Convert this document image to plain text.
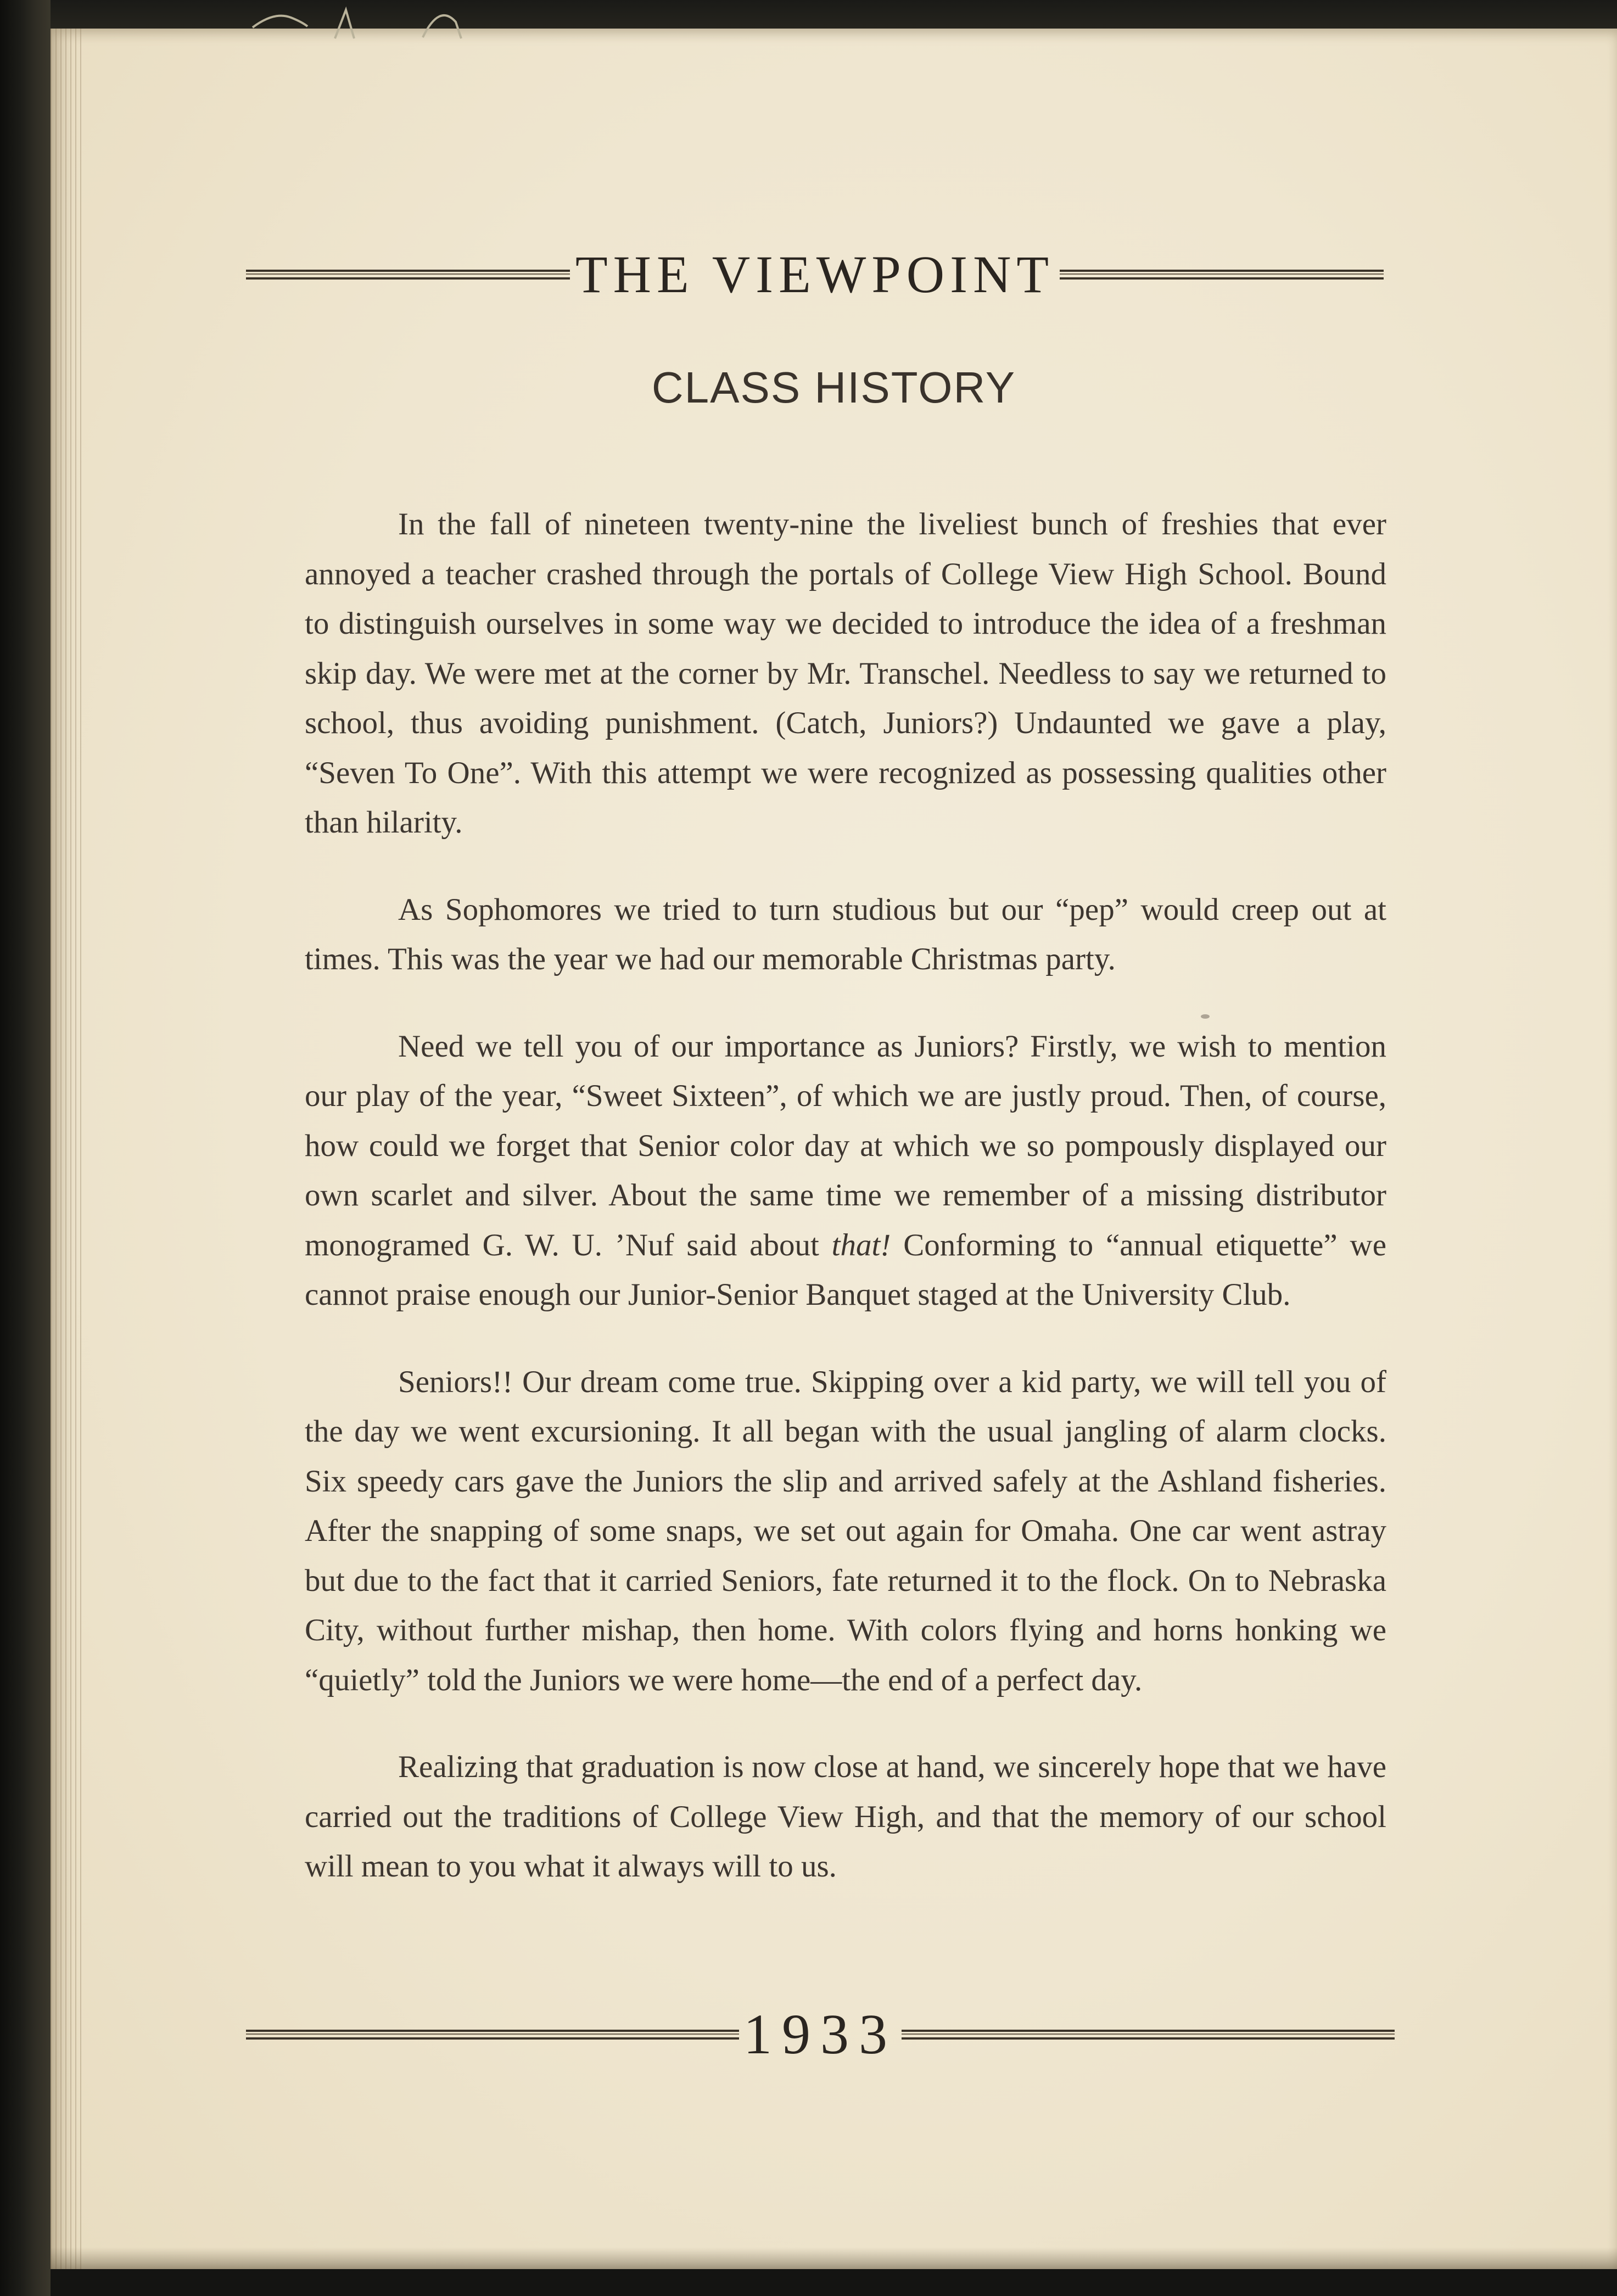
THE VIEWPOINT
CLASS HISTORY

In the fall of nineteen twenty-nine the liveliest bunch of freshies that ever annoyed a teacher crashed through the portals of College View High School. Bound to distinguish ourselves in some way we decided to introduce the idea of a freshman skip day. We were met at the corner by Mr. Transchel. Needless to say we returned to school, thus avoiding punishment. (Catch, Juniors?) Undaunted we gave a play, “Seven To One”. With this attempt we were recognized as possessing qualities other than hilarity.

As Sophomores we tried to turn studious but our “pep” would creep out at times. This was the year we had our memorable Christmas party.

Need we tell you of our importance as Juniors? Firstly, we wish to mention our play of the year, “Sweet Sixteen”, of which we are justly proud. Then, of course, how could we forget that Senior color day at which we so pompously displayed our own scarlet and silver. About the same time we remember of a missing distributor monogramed G. W. U. ’Nuf said about that! Conforming to “annual etiquette” we cannot praise enough our Junior-Senior Banquet staged at the University Club.

Seniors!! Our dream come true. Skipping over a kid party, we will tell you of the day we went excursioning. It all began with the usual jangling of alarm clocks. Six speedy cars gave the Juniors the slip and arrived safely at the Ashland fisheries. After the snapping of some snaps, we set out again for Omaha. One car went astray but due to the fact that it carried Seniors, fate returned it to the flock. On to Nebraska City, without further mishap, then home. With colors flying and horns honking we “quietly” told the Juniors we were home—the end of a perfect day.

Realizing that graduation is now close at hand, we sincerely hope that we have carried out the traditions of College View High, and that the memory of our school will mean to you what it always will to us.

1933
